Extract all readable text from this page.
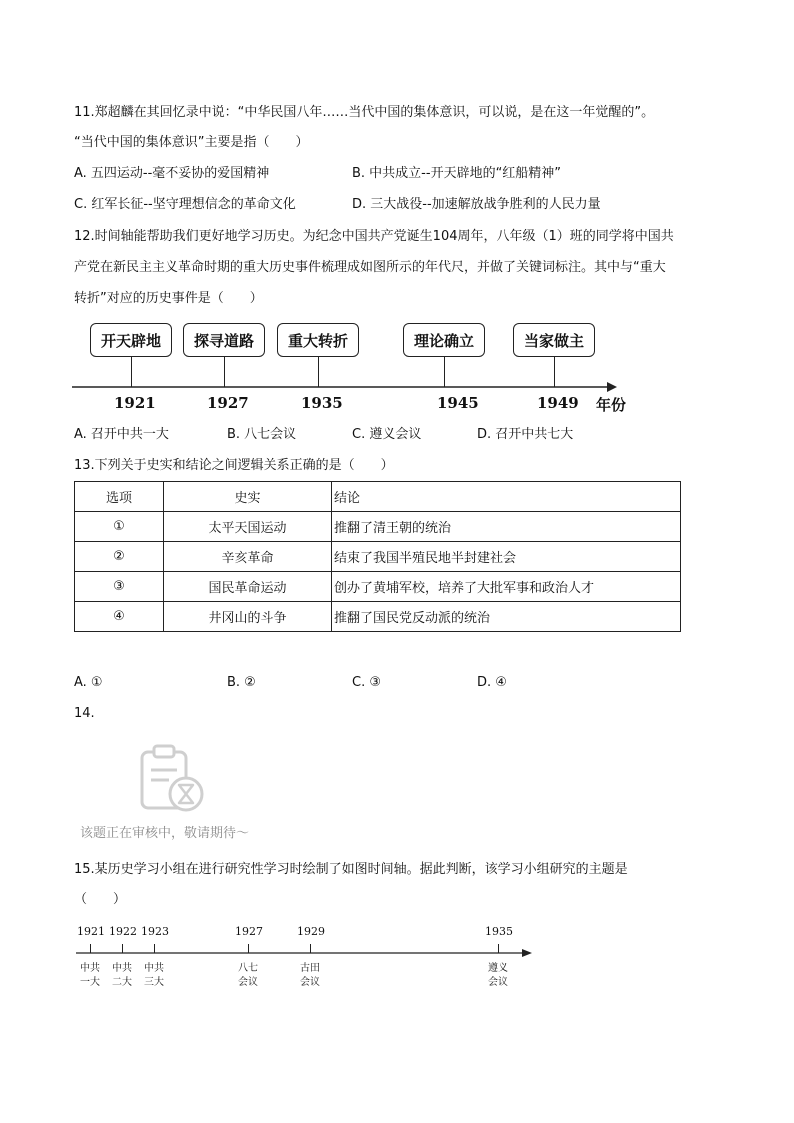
11.郑超麟在其回忆录中说：“中华民国八年……当代中国的集体意识，可以说，是在这一年觉醒的”。
“当代中国的集体意识”主要是指（　　）
A. 五四运动--毫不妥协的爱国精神	B. 中共成立--开天辟地的“红船精神”
C. 红军长征--坚守理想信念的革命文化	D. 三大战役--加速解放战争胜利的人民力量
12.时间轴能帮助我们更好地学习历史。为纪念中国共产党诞生104周年，八年级（1）班的同学将中国共
产党在新民主主义革命时期的重大历史事件梳理成如图所示的年代尺，并做了关键词标注。其中与“重大
转折”对应的历史事件是（　　）
开天辟地	探寻道路	重大转折	理论确立	当家做主
1921	1927	1935	1945	1949 年份
A. 召开中共一大	B. 八七会议	C. 遵义会议	D. 召开中共七大
13.下列关于史实和结论之间逻辑关系正确的是（　　）
选项	史实	结论
①	太平天国运动	推翻了清王朝的统治
②	辛亥革命	结束了我国半殖民地半封建社会
③	国民革命运动	创办了黄埔军校，培养了大批军事和政治人才
④	井冈山的斗争	推翻了国民党反动派的统治
A. ①	B. ②	C. ③	D. ④
14.
该题正在审核中，敬请期待～
15.某历史学习小组在进行研究性学习时绘制了如图时间轴。据此判断，该学习小组研究的主题是
（　　）
1921 1922 1923	1927	1929	1935
中共一大
中共二大
中共三大
八七会议
古田会议
遵义会议
